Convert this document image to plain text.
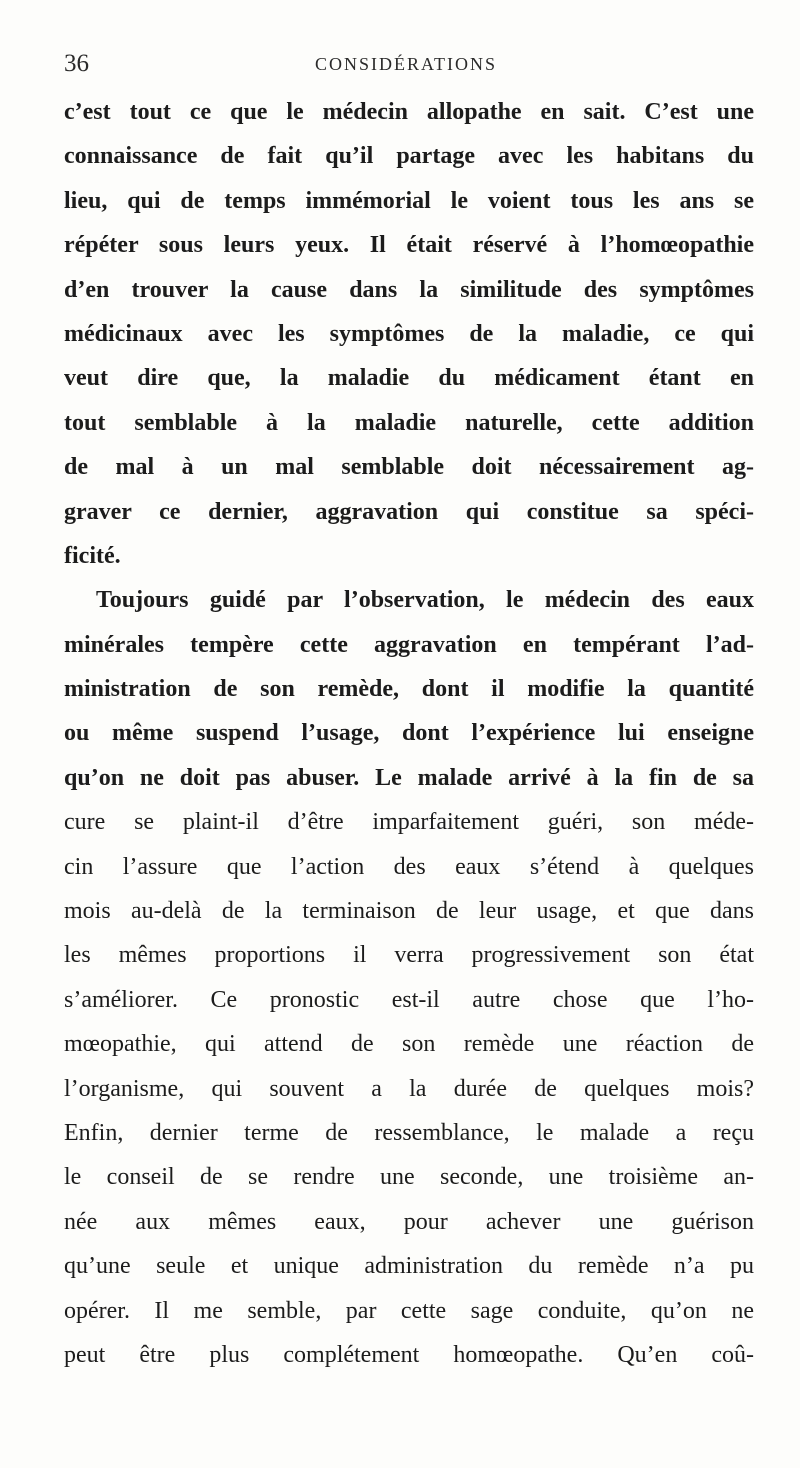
36	CONSIDÉRATIONS
c’est tout ce que le médecin allopathe en sait. C’est une
connaissance de fait qu’il partage avec les habitans du
lieu, qui de temps immémorial le voient tous les ans se
répéter sous leurs yeux. Il était réservé à l’homœopathie
d’en trouver la cause dans la similitude des symptômes
médicinaux avec les symptômes de la maladie, ce qui
veut dire que, la maladie du médicament étant en
tout semblable à la maladie naturelle, cette addition
de mal à un mal semblable doit nécessairement ag-
graver ce dernier, aggravation qui constitue sa spéci-
ficité.
Toujours guidé par l’observation, le médecin des eaux
minérales tempère cette aggravation en tempérant l’ad-
ministration de son remède, dont il modifie la quantité
ou même suspend l’usage, dont l’expérience lui enseigne
qu’on ne doit pas abuser. Le malade arrivé à la fin de sa
cure se plaint-il d’être imparfaitement guéri, son méde-
cin l’assure que l’action des eaux s’étend à quelques
mois au-delà de la terminaison de leur usage, et que dans
les mêmes proportions il verra progressivement son état
s’améliorer. Ce pronostic est-il autre chose que l’ho-
mœopathie, qui attend de son remède une réaction de
l’organisme, qui souvent a la durée de quelques mois?
Enfin, dernier terme de ressemblance, le malade a reçu
le conseil de se rendre une seconde, une troisième an-
née aux mêmes eaux, pour achever une guérison
qu’une seule et unique administration du remède n’a pu
opérer. Il me semble, par cette sage conduite, qu’on ne
peut être plus complétement homœopathe. Qu’en coû-
